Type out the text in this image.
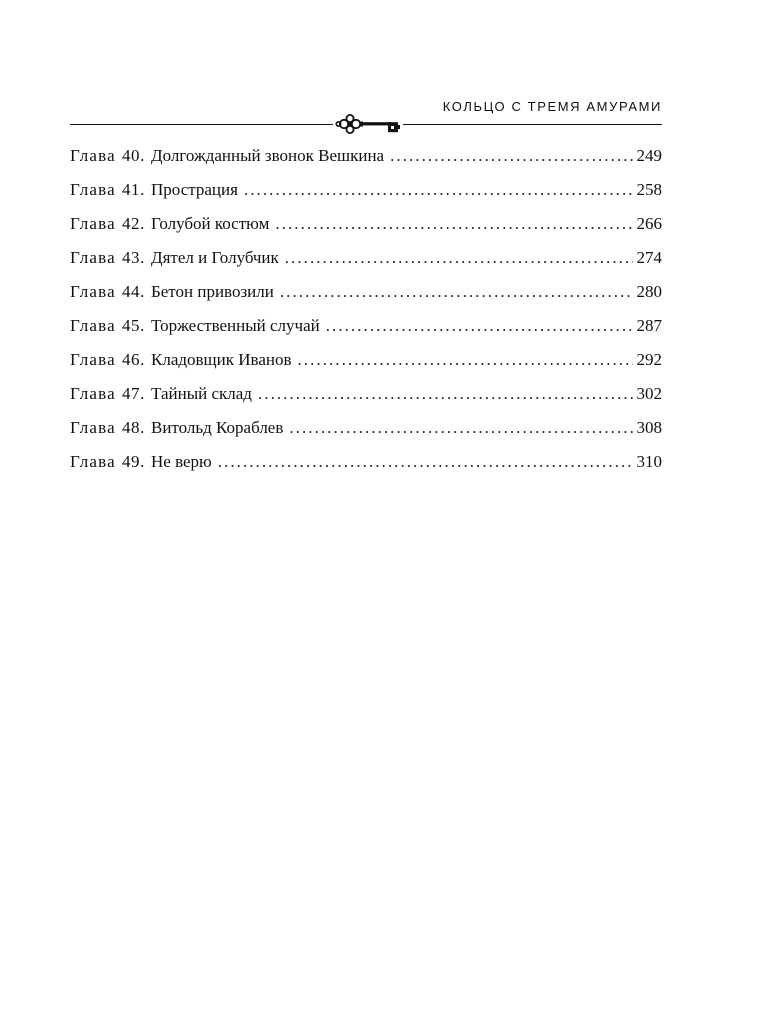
КОЛЬЦО С ТРЕМЯ АМУРАМИ
Глава 40. Долгожданный звонок Вешкина . . .	249
Глава 41. Прострация . . .	258
Глава 42. Голубой костюм . . .	266
Глава 43. Дятел и Голубчик . . .	274
Глава 44. Бетон привозили . . .	280
Глава 45. Торжественный случай . . .	287
Глава 46. Кладовщик Иванов . . .	292
Глава 47. Тайный склад . . .	302
Глава 48. Витольд Кораблев . . .	308
Глава 49. Не верю . . .	310
